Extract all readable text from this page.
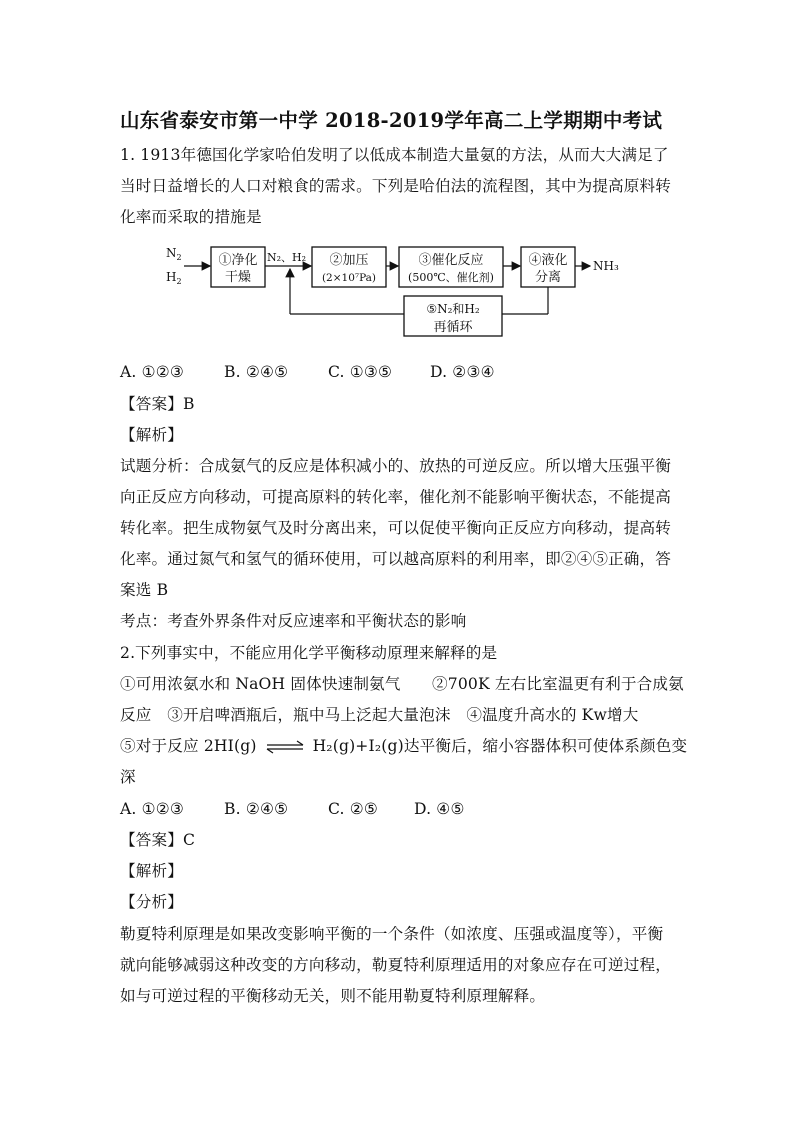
山东省泰安市第一中学 2018-2019学年高二上学期期中考试
1. 1913年德国化学家哈伯发明了以低成本制造大量氨的方法，从而大大满足了
当时日益增长的人口对粮食的需求。下列是哈伯法的流程图，其中为提高原料转
化率而采取的措施是
$N_2$
$H_2$
①净化
干燥
N₂、H₂ ②加压
(2×10⁷Pa)
③催化反应
(500℃、催化剂)
④液化
分离
NH₃
⑤N₂和H₂
再循环
A. ①②③	B. ②④⑤	C. ①③⑤ D. ②③④
【答案】B
【解析】
试题分析：合成氨气的反应是体积减小的、放热的可逆反应。所以增大压强平衡
向正反应方向移动，可提高原料的转化率，催化剂不能影响平衡状态，不能提高
转化率。把生成物氨气及时分离出来，可以促使平衡向正反应方向移动，提高转
化率。通过氮气和氢气的循环使用，可以越高原料的利用率，即②④⑤正确，答
案选 B
考点：考查外界条件对反应速率和平衡状态的影响
2.下列事实中，不能应用化学平衡移动原理来解释的是
①可用浓氨水和 NaOH 固体快速制氨气　　②700K 左右比室温更有利于合成氨
反应　③开启啤酒瓶后，瓶中马上泛起大量泡沫　④温度升高水的 Kw增大
⑤对于反应 2HI(g) ⇌ H₂(g)+I₂(g)达平衡后，缩小容器体积可使体系颜色变
深
A. ①②③	B. ②④⑤	C. ②⑤ D. ④⑤
【答案】C
【解析】
【分析】
勒夏特利原理是如果改变影响平衡的一个条件（如浓度、压强或温度等），平衡
就向能够减弱这种改变的方向移动，勒夏特利原理适用的对象应存在可逆过程，
如与可逆过程的平衡移动无关，则不能用勒夏特利原理解释。
